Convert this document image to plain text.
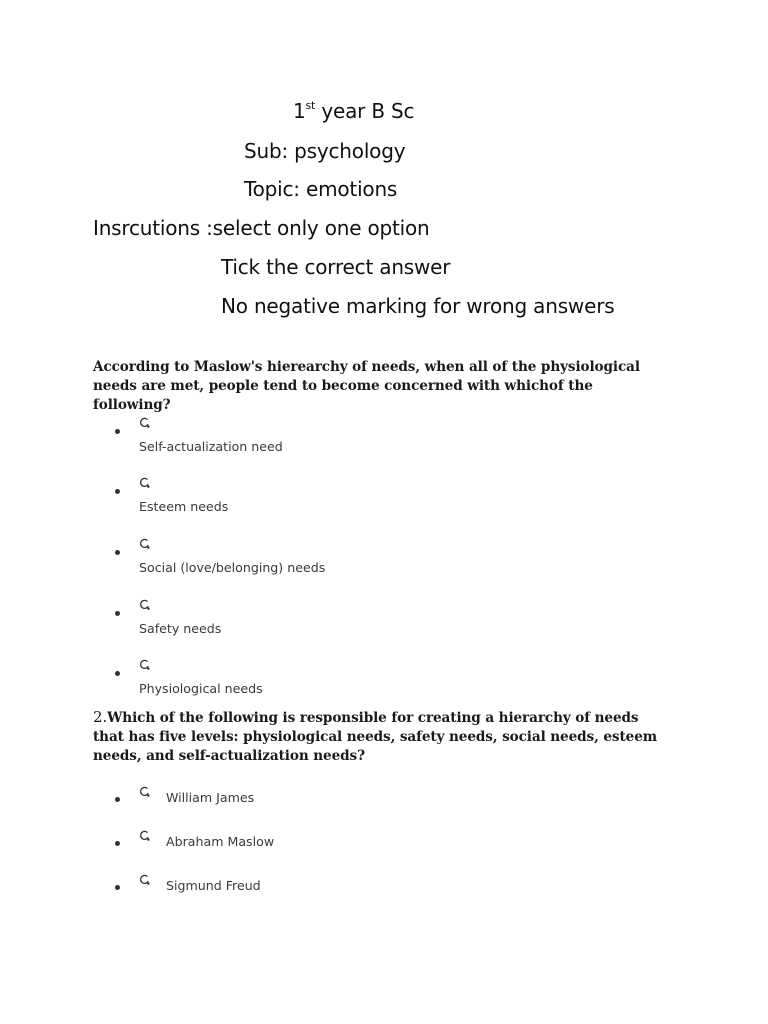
1st year B Sc
Sub: psychology
Topic: emotions
Insrcutions :select only one option
Tick the correct answer
No negative marking for wrong answers
According to Maslow's hierearchy of needs, when all of the physiological needs are met, people tend to become concerned with whichof the following?
Self-actualization need
Esteem needs
Social (love/belonging) needs
Safety needs
Physiological needs
2.Which of the following is responsible for creating a hierarchy of needs that has five levels: physiological needs, safety needs, social needs, esteem needs, and self-actualization needs?
William James
Abraham Maslow
Sigmund Freud
